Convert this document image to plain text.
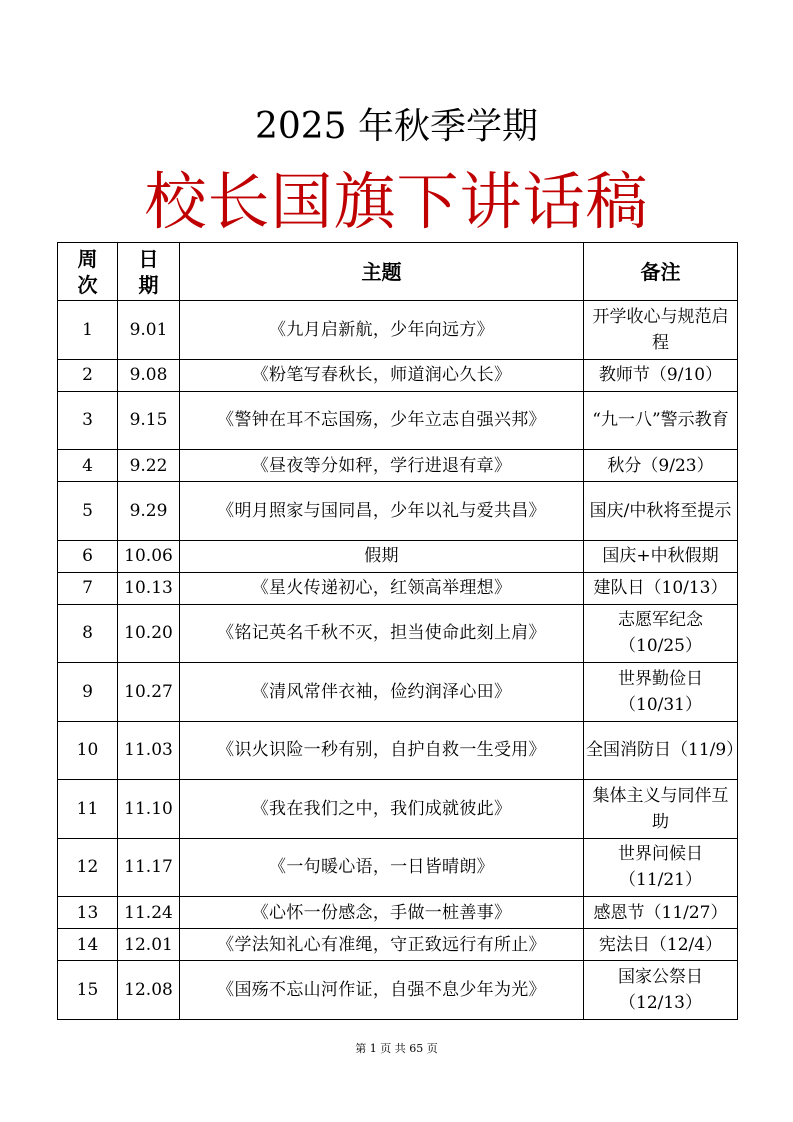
2025 年秋季学期
校长国旗下讲话稿
周次	日期	主题	备注
1	9.01	《九月启新航，少年向远方》	开学收心与规范启程
2	9.08	《粉笔写春秋长，师道润心久长》	教师节（9/10）
3	9.15	《警钟在耳不忘国殇，少年立志自强兴邦》	“九一八”警示教育
4	9.22	《昼夜等分如秤，学行进退有章》	秋分（9/23）
5	9.29	《明月照家与国同昌，少年以礼与爱共昌》	国庆/中秋将至提示
6	10.06	假期	国庆+中秋假期
7	10.13	《星火传递初心，红领高举理想》	建队日（10/13）
8	10.20	《铭记英名千秋不灭，担当使命此刻上肩》	志愿军纪念（10/25）
9	10.27	《清风常伴衣袖，俭约润泽心田》	世界勤俭日（10/31）
10	11.03	《识火识险一秒有别，自护自救一生受用》	全国消防日（11/9）
11	11.10	《我在我们之中，我们成就彼此》	集体主义与同伴互助
12	11.17	《一句暖心语，一日皆晴朗》	世界问候日（11/21）
13	11.24	《心怀一份感念，手做一桩善事》	感恩节（11/27）
14	12.01	《学法知礼心有准绳，守正致远行有所止》	宪法日（12/4）
15	12.08	《国殇不忘山河作证，自强不息少年为光》	国家公祭日（12/13）
第 1 页 共 65 页
